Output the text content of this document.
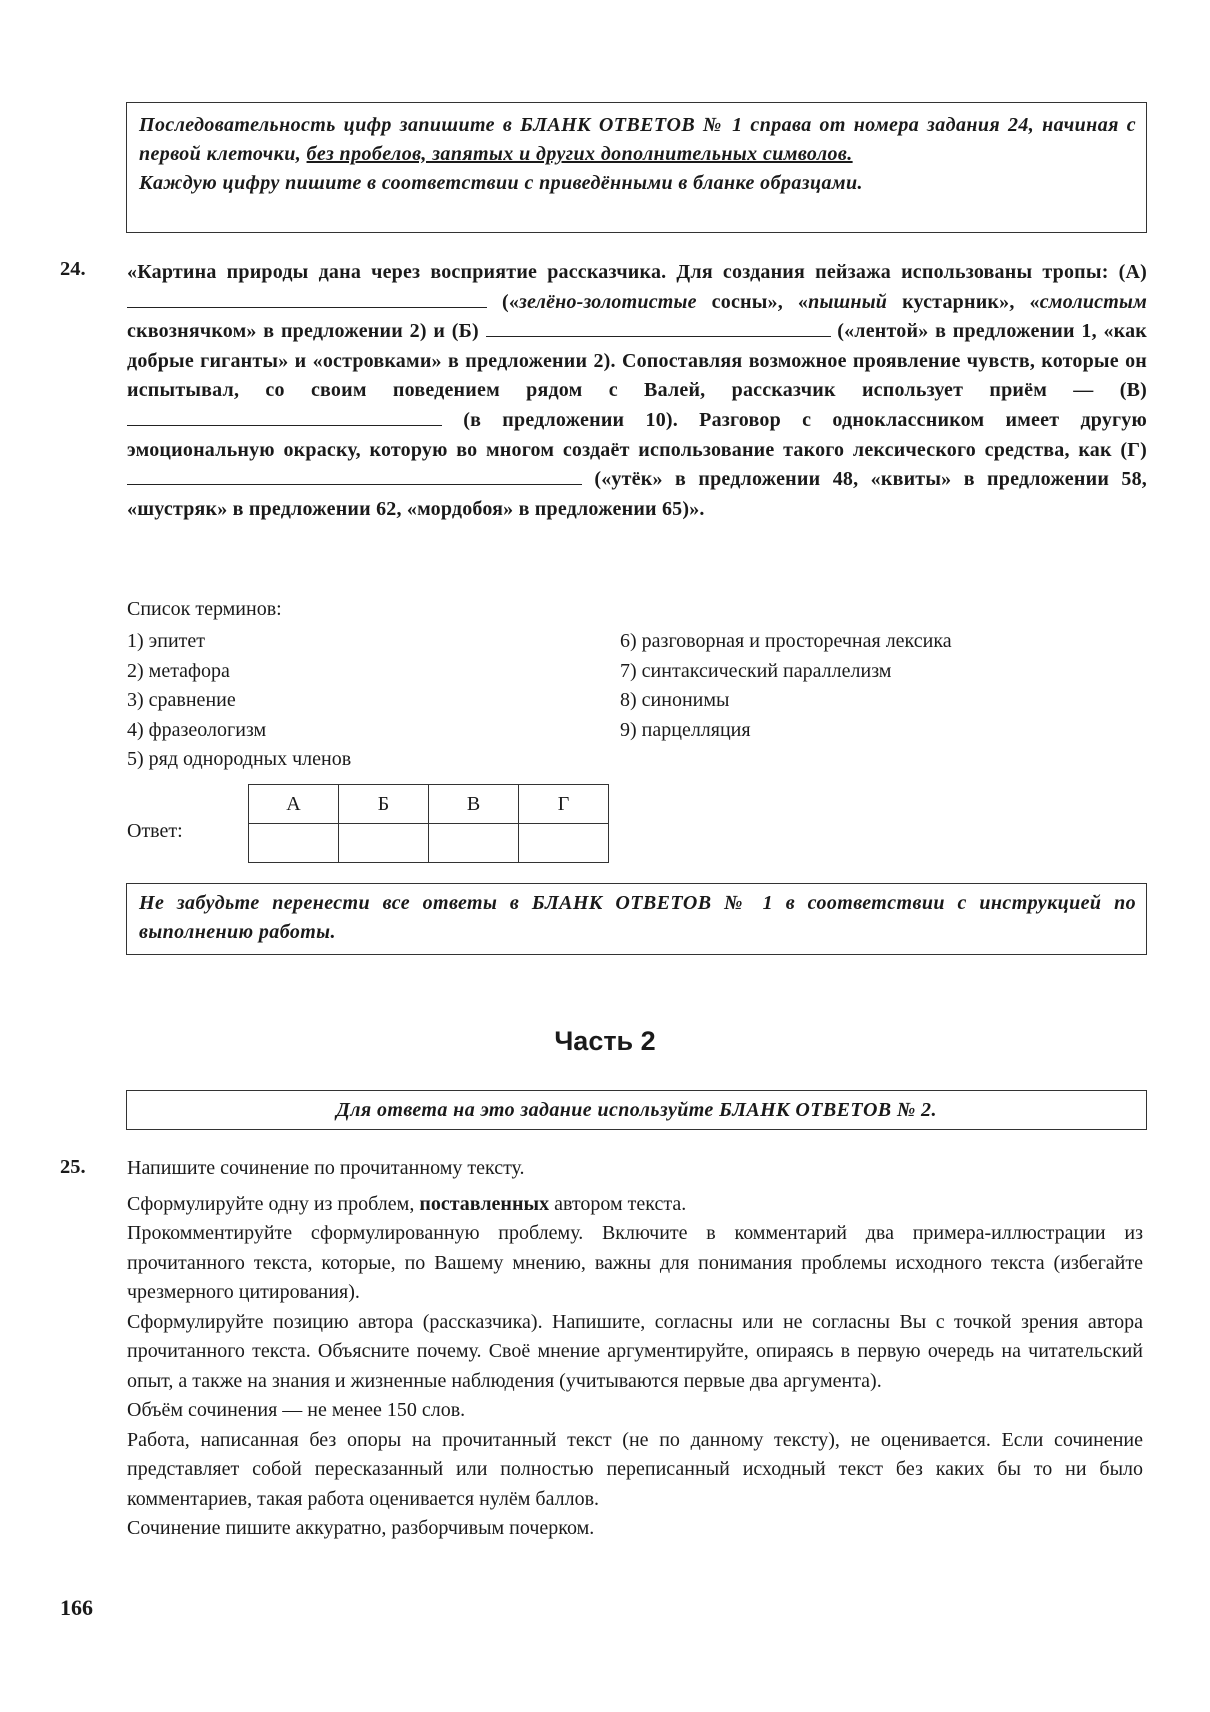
Последовательность цифр запишите в БЛАНК ОТВЕТОВ № 1 справа от номера задания 24, начиная с первой клеточки, без пробелов, запятых и других дополнительных символов.

Каждую цифру пишите в соответствии с приведёнными в бланке образцами.

24. «Картина природы дана через восприятие рассказчика. Для создания пейзажа использованы тропы: (А)  («зелёно-золотистые сосны», «пышный кустарник», «смолистым сквознячком» в предложении 2) и (Б)	(«лентой» в предложении 1, «как добрые гиганты» и «островками» в предложении 2). Сопоставляя возможное проявление чувств, которые он испытывал, со своим поведением рядом с Валей, рассказчик использует приём — (В)  (в предложении 10). Разговор с одноклассником имеет другую эмоциональную окраску, которую во многом создаёт использование такого лексического средства, как (Г)  («утёк» в предложении 48, «квиты» в предложении 58, «шустряк» в предложении 62, «мордобоя» в предложении 65)».
Список терминов:
1) эпитет
2) метафора
3) сравнение
4) фразеологизм
5) ряд однородных членов
6) разговорная и просторечная лексика
7) синтаксический параллелизм
8) синонимы
9) парцелляция
Ответ:
А	Б	В	Г

Не забудьте перенести все ответы в БЛАНК ОТВЕТОВ № 1 в соответствии с инструкцией по выполнению работы.

Часть 2
Для ответа на это задание используйте БЛАНК ОТВЕТОВ № 2.
25. Напишите сочинение по прочитанному тексту.

Сформулируйте одну из проблем, поставленных автором текста.

Прокомментируйте сформулированную проблему. Включите в комментарий два примера-иллюстрации из прочитанного текста, которые, по Вашему мнению, важны для понимания проблемы исходного текста (избегайте чрезмерного цитирования).

Сформулируйте позицию автора (рассказчика). Напишите, согласны или не согласны Вы с точкой зрения автора прочитанного текста. Объясните почему. Своё мнение аргументируйте, опираясь в первую очередь на читательский опыт, а также на знания и жизненные наблюдения (учитываются первые два аргумента).

Объём сочинения — не менее 150 слов.

Работа, написанная без опоры на прочитанный текст (не по данному тексту), не оценивается. Если сочинение представляет собой пересказанный или полностью переписанный исходный текст без каких бы то ни было комментариев, такая работа оценивается нулём баллов.

Сочинение пишите аккуратно, разборчивым почерком.

166
